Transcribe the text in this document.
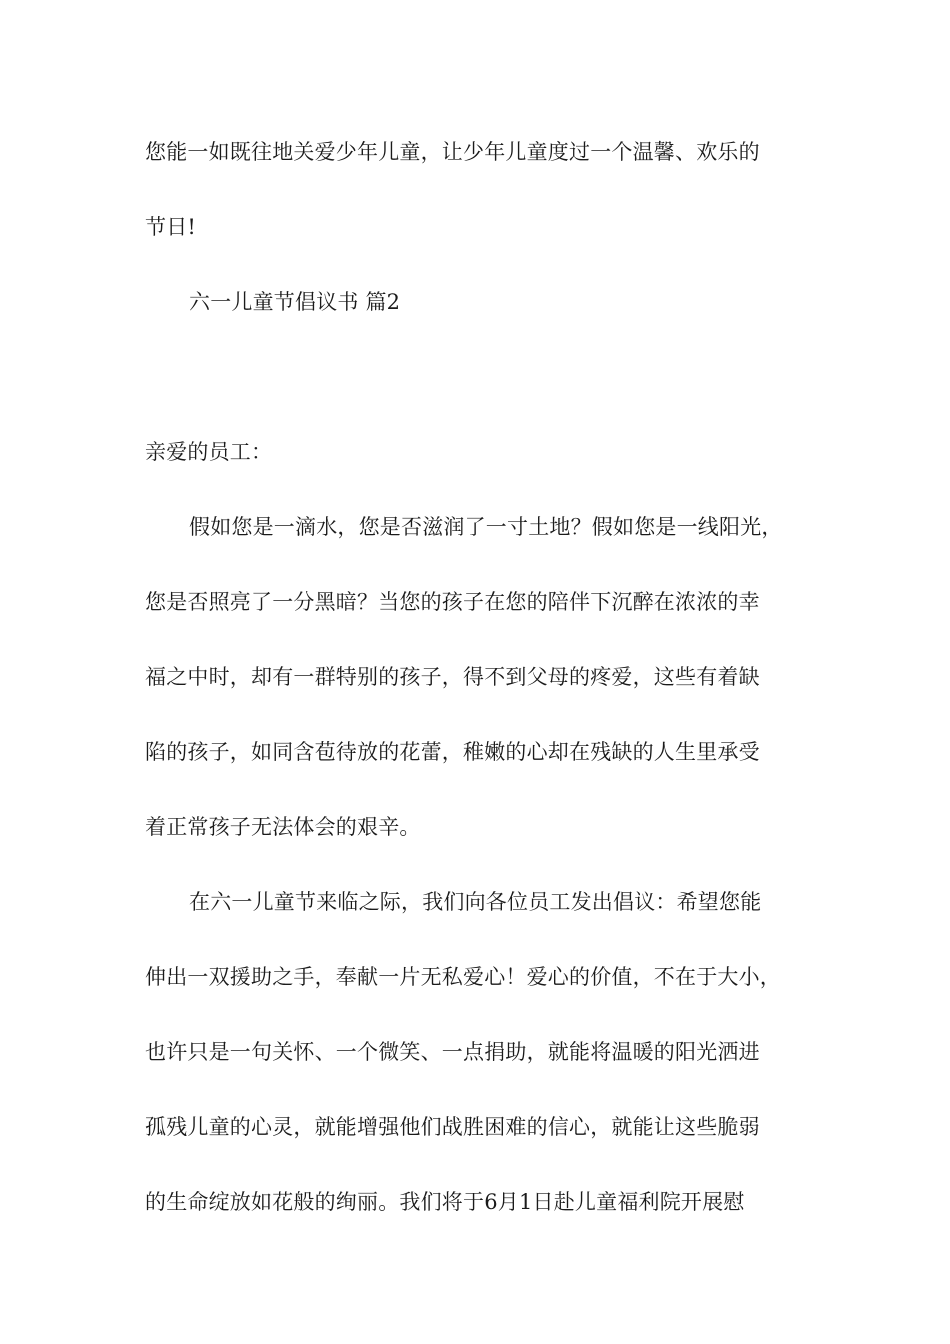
您能一如既往地关爱少年儿童，让少年儿童度过一个温馨、欢乐的
节日!
六一儿童节倡议书 篇2
亲爱的员工：
假如您是一滴水，您是否滋润了一寸土地？假如您是一线阳光，
您是否照亮了一分黑暗？当您的孩子在您的陪伴下沉醉在浓浓的幸
福之中时，却有一群特别的孩子，得不到父母的疼爱，这些有着缺
陷的孩子，如同含苞待放的花蕾，稚嫩的心却在残缺的人生里承受
着正常孩子无法体会的艰辛。
在六一儿童节来临之际，我们向各位员工发出倡议：希望您能
伸出一双援助之手，奉献一片无私爱心！爱心的价值，不在于大小，
也许只是一句关怀、一个微笑、一点捐助，就能将温暖的阳光洒进
孤残儿童的心灵，就能增强他们战胜困难的信心，就能让这些脆弱
的生命绽放如花般的绚丽。我们将于6月1日赴儿童福利院开展慰
